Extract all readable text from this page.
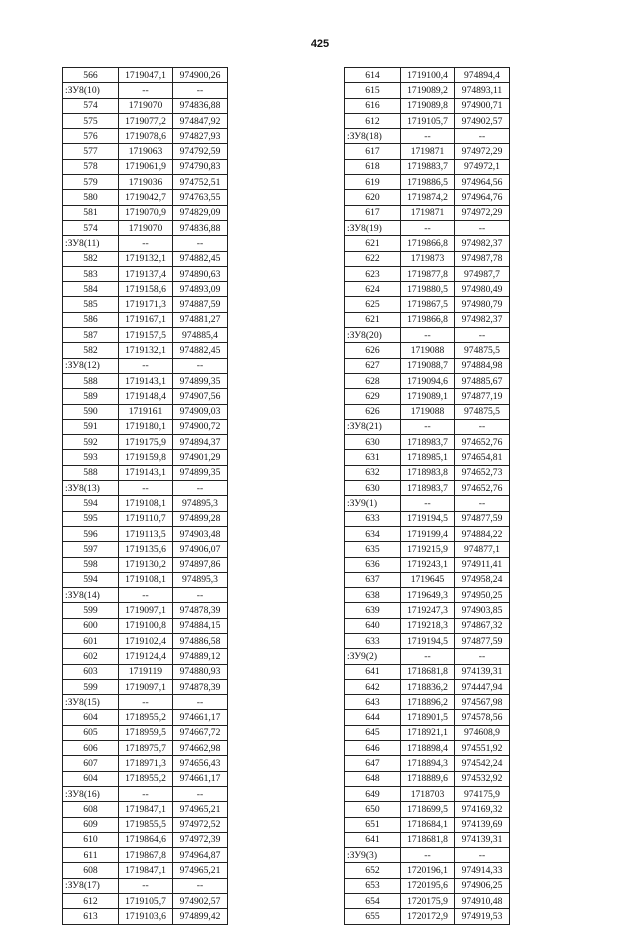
425
566	1719047,1	974900,26
:ЗУ8(10)	--	--
574	1719070	974836,88
575	1719077,2	974847,92
576	1719078,6	974827,93
577	1719063	974792,59
578	1719061,9	974790,83
579	1719036	974752,51
580	1719042,7	974763,55
581	1719070,9	974829,09
574	1719070	974836,88
:ЗУ8(11)	--	--
582	1719132,1	974882,45
583	1719137,4	974890,63
584	1719158,6	974893,09
585	1719171,3	974887,59
586	1719167,1	974881,27
587	1719157,5	974885,4
582	1719132,1	974882,45
:ЗУ8(12)	--	--
588	1719143,1	974899,35
589	1719148,4	974907,56
590	1719161	974909,03
591	1719180,1	974900,72
592	1719175,9	974894,37
593	1719159,8	974901,29
588	1719143,1	974899,35
:ЗУ8(13)	--	--
594	1719108,1	974895,3
595	1719110,7	974899,28
596	1719113,5	974903,48
597	1719135,6	974906,07
598	1719130,2	974897,86
594	1719108,1	974895,3
:ЗУ8(14)	--	--
599	1719097,1	974878,39
600	1719100,8	974884,15
601	1719102,4	974886,58
602	1719124,4	974889,12
603	1719119	974880,93
599	1719097,1	974878,39
:ЗУ8(15)	--	--
604	1718955,2	974661,17
605	1718959,5	974667,72
606	1718975,7	974662,98
607	1718971,3	974656,43
604	1718955,2	974661,17
:ЗУ8(16)	--	--
608	1719847,1	974965,21
609	1719855,5	974972,52
610	1719864,6	974972,39
611	1719867,8	974964,87
608	1719847,1	974965,21
:ЗУ8(17)	--	--
612	1719105,7	974902,57
613	1719103,6	974899,42
614	1719100,4	974894,4
615	1719089,2	974893,11
616	1719089,8	974900,71
612	1719105,7	974902,57
:ЗУ8(18)	--	--
617	1719871	974972,29
618	1719883,7	974972,1
619	1719886,5	974964,56
620	1719874,2	974964,76
617	1719871	974972,29
:ЗУ8(19)	--	--
621	1719866,8	974982,37
622	1719873	974987,78
623	1719877,8	974987,7
624	1719880,5	974980,49
625	1719867,5	974980,79
621	1719866,8	974982,37
:ЗУ8(20)	--	--
626	1719088	974875,5
627	1719088,7	974884,98
628	1719094,6	974885,67
629	1719089,1	974877,19
626	1719088	974875,5
:ЗУ8(21)	--	--
630	1718983,7	974652,76
631	1718985,1	974654,81
632	1718983,8	974652,73
630	1718983,7	974652,76
:ЗУ9(1)	--	--
633	1719194,5	974877,59
634	1719199,4	974884,22
635	1719215,9	974877,1
636	1719243,1	974911,41
637	1719645	974958,24
638	1719649,3	974950,25
639	1719247,3	974903,85
640	1719218,3	974867,32
633	1719194,5	974877,59
:ЗУ9(2)	--	--
641	1718681,8	974139,31
642	1718836,2	974447,94
643	1718896,2	974567,98
644	1718901,5	974578,56
645	1718921,1	974608,9
646	1718898,4	974551,92
647	1718894,3	974542,24
648	1718889,6	974532,92
649	1718703	974175,9
650	1718699,5	974169,32
651	1718684,1	974139,69
641	1718681,8	974139,31
:ЗУ9(3)	--	--
652	1720196,1	974914,33
653	1720195,6	974906,25
654	1720175,9	974910,48
655	1720172,9	974919,53
